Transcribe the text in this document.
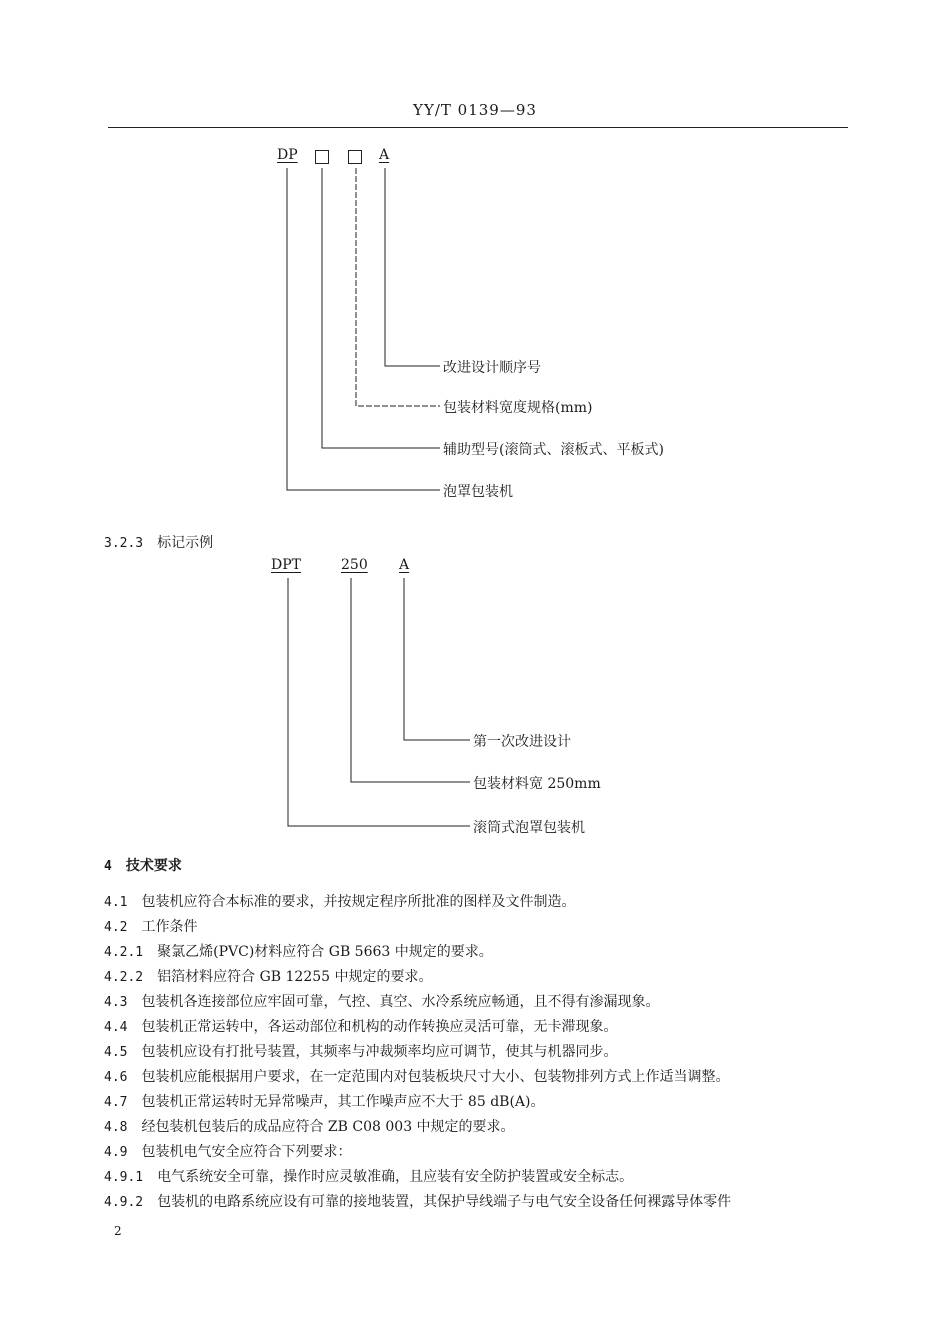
YY/T 0139—93
DP	A
改进设计顺序号
包装材料宽度规格(mm)
辅助型号(滚筒式、滚板式、平板式)
泡罩包装机
3.2.3 标记示例
DPT	250 A
第一次改进设计
包装材料宽 250mm
滚筒式泡罩包装机
4 技术要求
4.1 包装机应符合本标准的要求，并按规定程序所批准的图样及文件制造。
4.2 工作条件
4.2.1 聚氯乙烯(PVC)材料应符合 GB 5663 中规定的要求。
4.2.2 铝箔材料应符合 GB 12255 中规定的要求。
4.3 包装机各连接部位应牢固可靠，气控、真空、水冷系统应畅通，且不得有渗漏现象。
4.4 包装机正常运转中，各运动部位和机构的动作转换应灵活可靠，无卡滞现象。
4.5 包装机应设有打批号装置，其频率与冲裁频率均应可调节，使其与机器同步。
4.6 包装机应能根据用户要求，在一定范围内对包装板块尺寸大小、包装物排列方式上作适当调整。
4.7 包装机正常运转时无异常噪声，其工作噪声应不大于 85 dB(A)。
4.8 经包装机包装后的成品应符合 ZB C08 003 中规定的要求。
4.9 包装机电气安全应符合下列要求：
4.9.1 电气系统安全可靠，操作时应灵敏准确，且应装有安全防护装置或安全标志。
4.9.2 包装机的电路系统应设有可靠的接地装置，其保护导线端子与电气安全设备任何裸露导体零件
2
